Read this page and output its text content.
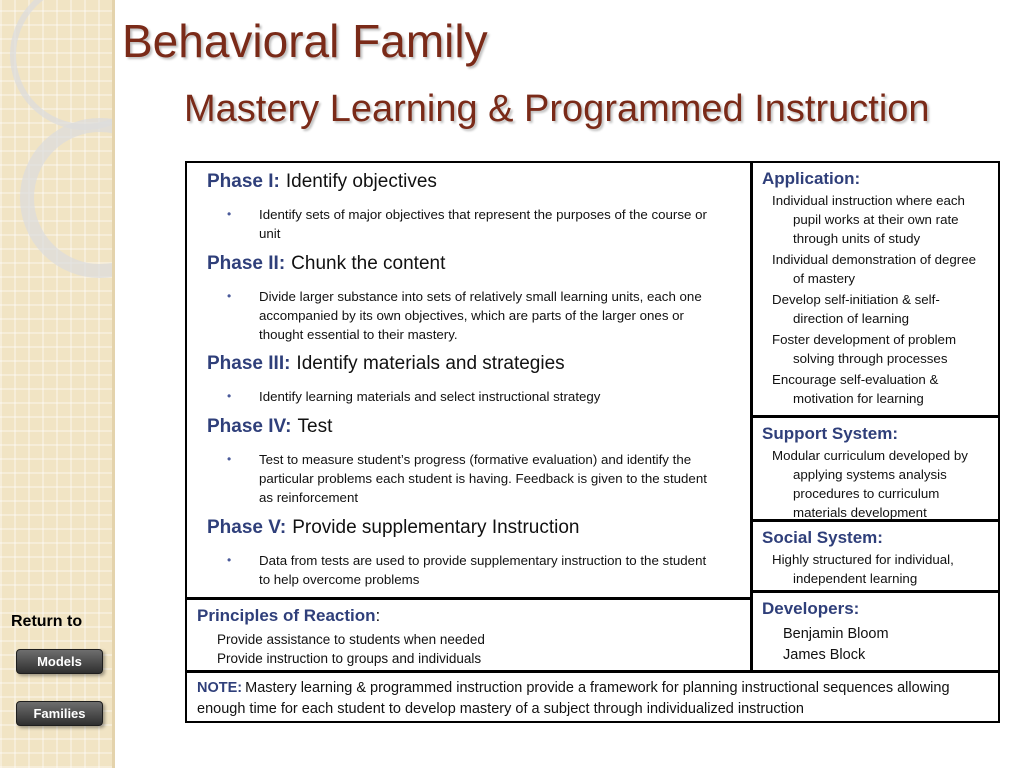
Behavioral Family
Mastery Learning & Programmed Instruction
Phase I: Identify objectives
• Identify sets of major objectives that represent the purposes of the course or unit
Phase II: Chunk the content
• Divide larger substance into sets of relatively small learning units, each one accompanied by its own objectives, which are parts of the larger ones or thought essential to their mastery.
Phase III: Identify materials and strategies
• Identify learning materials and select instructional strategy
Phase IV: Test
• Test to measure student’s progress (formative evaluation) and identify the particular problems each student is having. Feedback is given to the student as reinforcement
Phase V: Provide supplementary Instruction
• Data from tests are used to provide supplementary instruction to the student to help overcome problems
Principles of Reaction:
Provide assistance to students when needed
Provide instruction to groups and individuals
NOTE: Mastery learning & programmed instruction provide a framework for planning instructional sequences allowing enough time for each student to develop mastery of a subject through individualized instruction
Application:
Individual instruction where each pupil works at their own rate through units of study
Individual demonstration of degree of mastery
Develop self-initiation & self-direction of learning
Foster development of problem solving through processes
Encourage self-evaluation & motivation for learning
Support System:
Modular curriculum developed by applying systems analysis procedures to curriculum materials development
Social System:
Highly structured for individual, independent learning
Developers:
Benjamin Bloom
James Block
Return to
Models
Families
